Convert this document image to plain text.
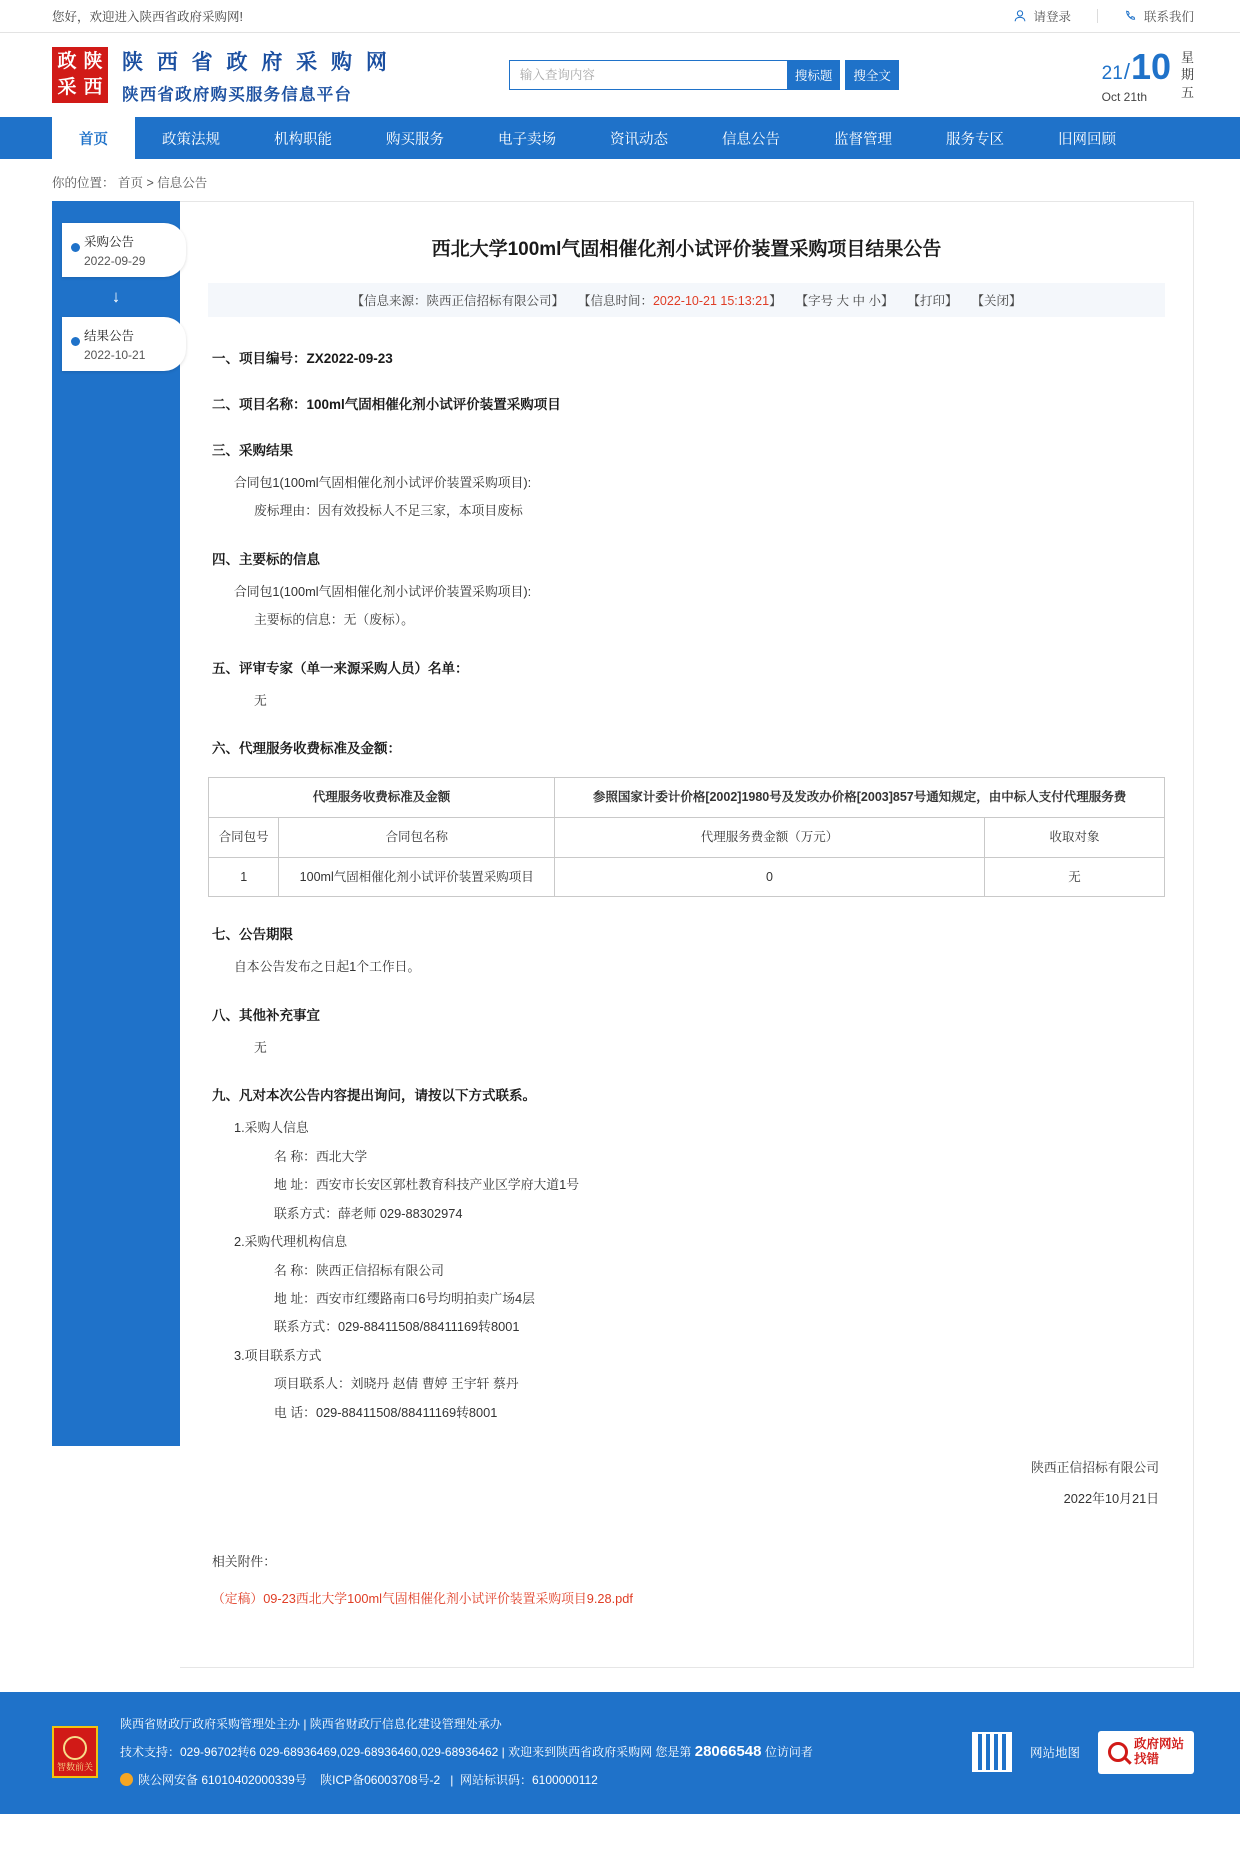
您好，欢迎进入陕西省政府采购网!	请登录	联系我们
政 陕
采 西
陕 西 省 政 府 采 购 网
陕西省政府购买服务信息平台
输入查询内容
搜标题	搜全文	21/10
Oct 21th
星
期
五
首页	政策法规	机构职能	购买服务	电子卖场	资讯动态	信息公告	监督管理	服务专区	旧网回顾
你的位置： 首页 > 信息公告
采购公告
2022-09-29
↓
结果公告
2022-10-21
西北大学100ml气固相催化剂小试评价装置采购项目结果公告
【信息来源：陕西正信招标有限公司】 【信息时间：2022-10-21 15:13:21】 【字号 大 中 小】 【打印】 【关闭】
一、项目编号：ZX2022-09-23
二、项目名称：100ml气固相催化剂小试评价装置采购项目
三、采购结果
合同包1(100ml气固相催化剂小试评价装置采购项目):
废标理由：因有效投标人不足三家，本项目废标
四、主要标的信息
合同包1(100ml气固相催化剂小试评价装置采购项目):
主要标的信息：无（废标）。
五、评审专家（单一来源采购人员）名单：
无
六、代理服务收费标准及金额：
代理服务收费标准及金额		参照国家计委计价格[2002]1980号及发改办价格[2003]857号通知规定，由中标人支付代理服务费	
合同包号	合同包名称	代理服务费金额（万元）	收取对象
1	100ml气固相催化剂小试评价装置采购项目	0	无
七、公告期限
自本公告发布之日起1个工作日。
八、其他补充事宜
无
九、凡对本次公告内容提出询问，请按以下方式联系。
1.采购人信息
名 称：西北大学
地 址：西安市长安区郭杜教育科技产业区学府大道1号
联系方式：薛老师 029-88302974
2.采购代理机构信息
名 称：陕西正信招标有限公司
地 址：西安市红缨路南口6号均明拍卖广场4层
联系方式：029-88411508/88411169转8001
3.项目联系方式
项目联系人：刘晓丹 赵倩 曹婷 王宇轩 蔡丹
电 话：029-88411508/88411169转8001
陕西正信招标有限公司
2022年10月21日
相关附件：
（定稿）09-23西北大学100ml气固相催化剂小试评价装置采购项目9.28.pdf
智数前关
陕西省财政厅政府采购管理处主办 | 陕西省财政厅信息化建设管理处承办
技术支持：029-96702转6 029-68936469,029-68936460,029-68936462 | 欢迎来到陕西省政府采购网 您是第 28066548 位访问者
陕公网安备 61010402000339号 陕ICP备06003708号-2   |  网站标识码：6100000112
网站地图
政府网站
找错
